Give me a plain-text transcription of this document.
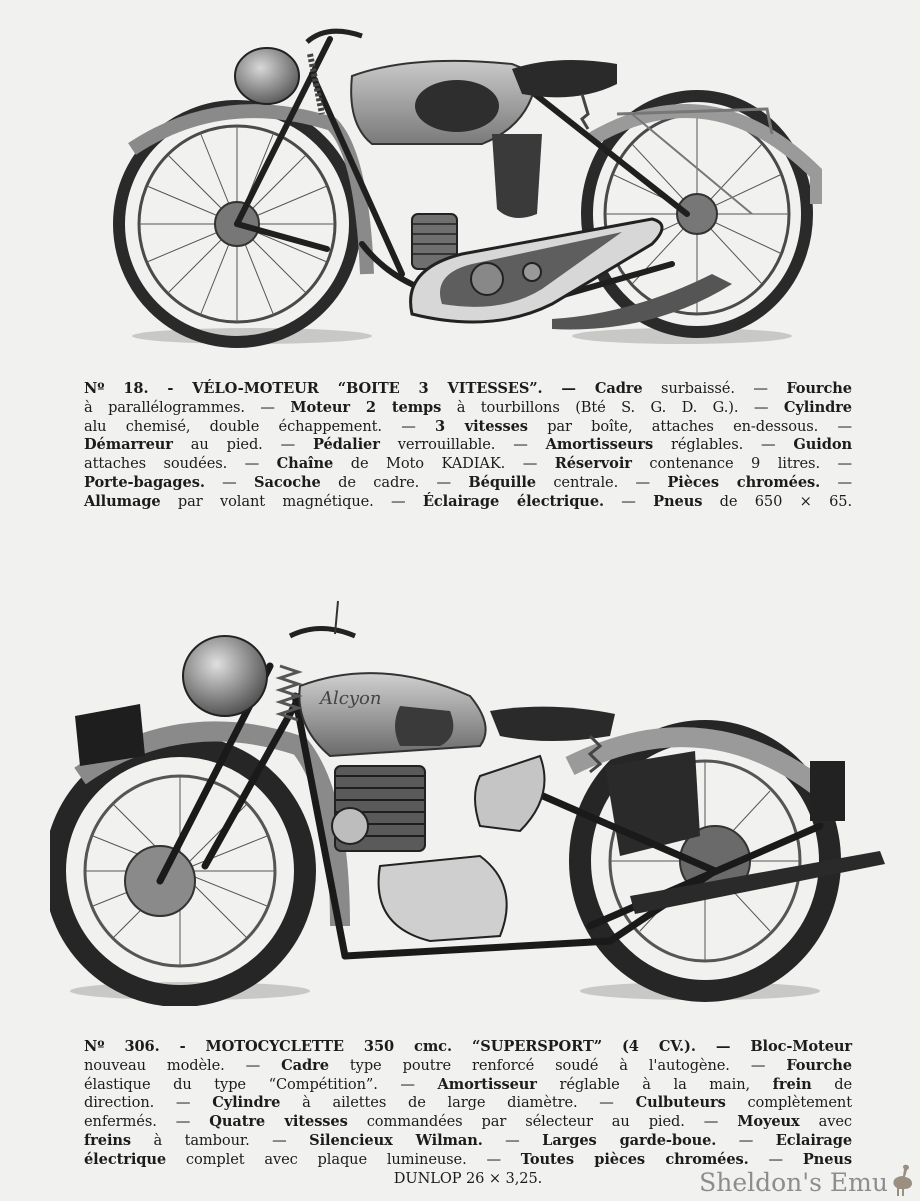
Nº 18. - VÉLO-MOTEUR “BOITE 3 VITESSES”. — Cadre surbaissé. — Fourche
à parallélogrammes. — Moteur 2 temps à tourbillons (Bté S. G. D. G.). — Cylindre
alu chemisé, double échappement. — 3 vitesses par boîte, attaches en-dessous. —
Démarreur au pied. — Pédalier verrouillable. — Amortisseurs réglables. — Guidon
attaches soudées. — Chaîne de Moto KADIAK. — Réservoir contenance 9 litres. —
Porte-bagages. — Sacoche de cadre. — Béquille centrale. — Pièces chromées. —
Allumage par volant magnétique. — Éclairage électrique. — Pneus de 650 × 65.
Alcyon
Nº 306. - MOTOCYCLETTE 350 cmc. “SUPERSPORT” (4 CV.). — Bloc-Moteur
nouveau modèle. — Cadre type poutre renforcé soudé à l'autogène. — Fourche
élastique du type “Compétition”. — Amortisseur réglable à la main, frein de
direction. — Cylindre à ailettes de large diamètre. — Culbuteurs complètement
enfermés. — Quatre vitesses commandées par sélecteur au pied. — Moyeux avec
freins à tambour. — Silencieux Wilman. — Larges garde-boue. — Eclairage
électrique complet avec plaque lumineuse. — Toutes pièces chromées. — Pneus
DUNLOP 26 × 3,25.	Sheldon's Emu
